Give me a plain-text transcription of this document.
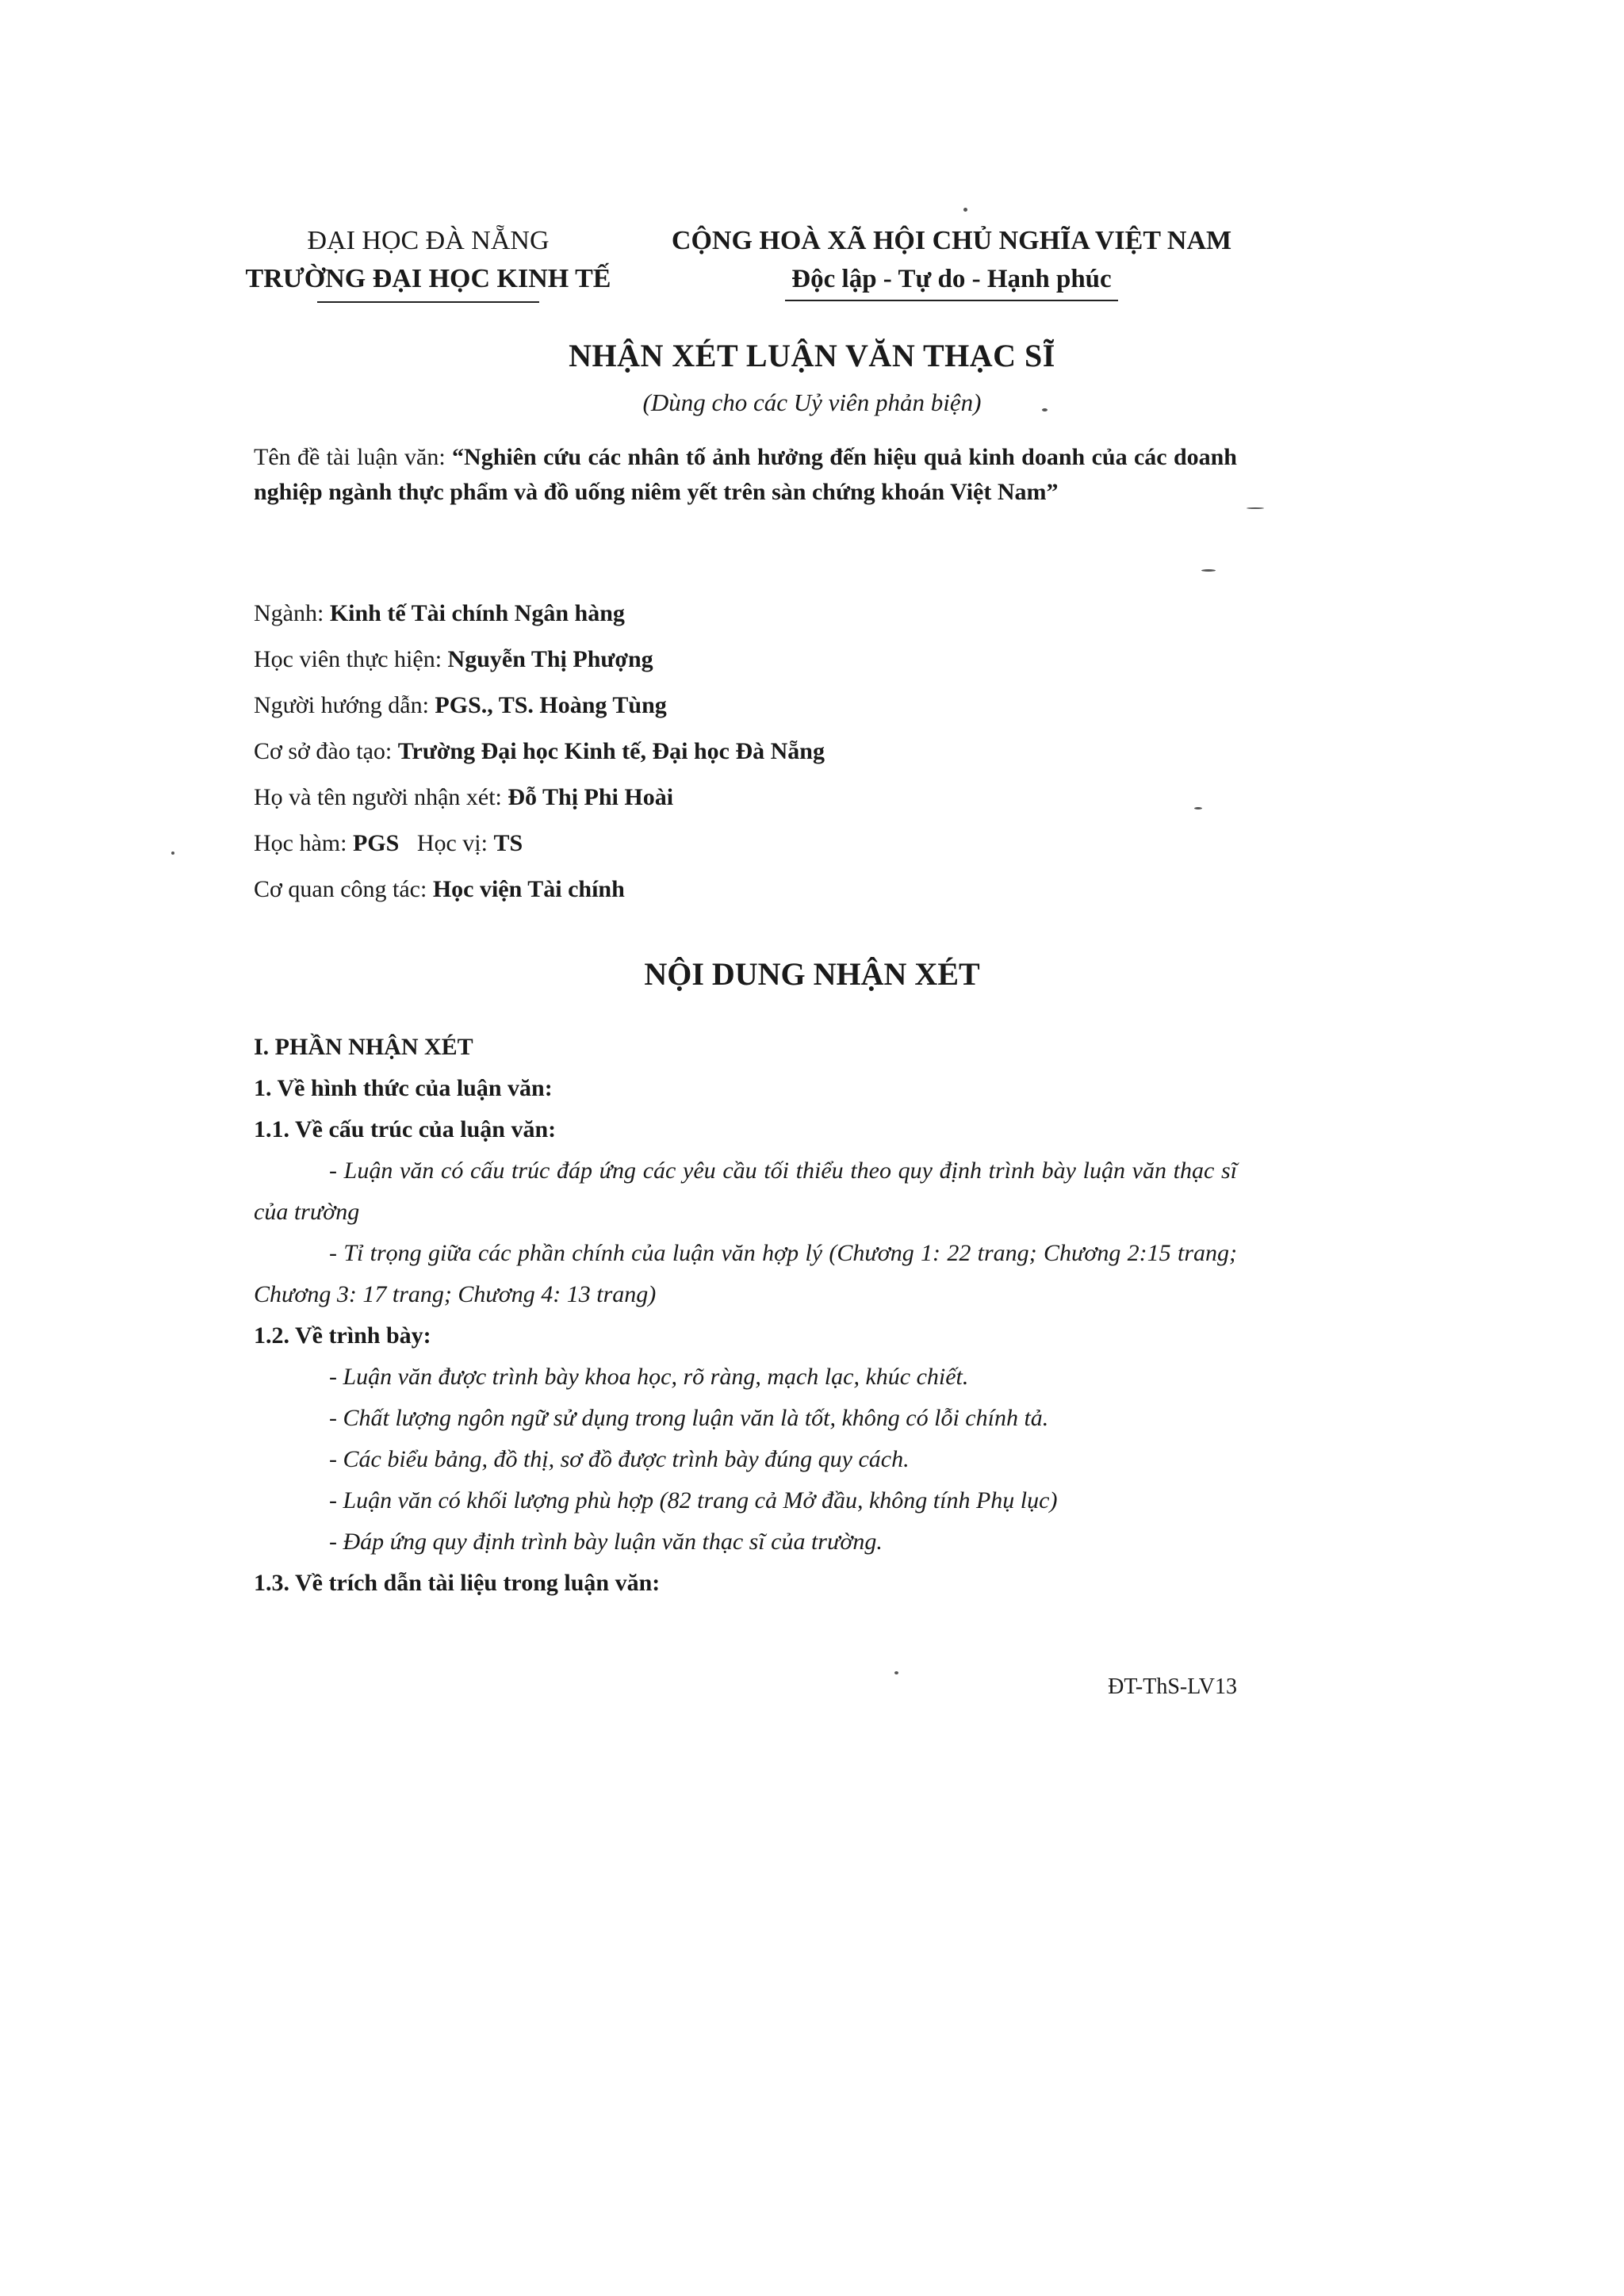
ĐẠI HỌC ĐÀ NẴNG
TRƯỜNG ĐẠI HỌC KINH TẾ
CỘNG HOÀ XÃ HỘI CHỦ NGHĨA VIỆT NAM
Độc lập - Tự do - Hạnh phúc
NHẬN XÉT LUẬN VĂN THẠC SĨ
(Dùng cho các Uỷ viên phản biện)
Tên đề tài luận văn: “Nghiên cứu các nhân tố ảnh hưởng đến hiệu quả kinh doanh của các doanh nghiệp ngành thực phẩm và đồ uống niêm yết trên sàn chứng khoán Việt Nam”
Ngành: Kinh tế Tài chính Ngân hàng
Học viên thực hiện: Nguyễn Thị Phượng
Người hướng dẫn: PGS., TS. Hoàng Tùng
Cơ sở đào tạo: Trường Đại học Kinh tế, Đại học Đà Nẵng
Họ và tên người nhận xét: Đỗ Thị Phi Hoài
Học hàm: PGS Học vị: TS
Cơ quan công tác: Học viện Tài chính
NỘI DUNG NHẬN XÉT
I. PHẦN NHẬN XÉT
1. Về hình thức của luận văn:
1.1. Về cấu trúc của luận văn:
- Luận văn có cấu trúc đáp ứng các yêu cầu tối thiểu theo quy định trình bày luận văn thạc sĩ của trường
- Tỉ trọng giữa các phần chính của luận văn hợp lý (Chương 1: 22 trang; Chương 2:15 trang; Chương 3: 17 trang; Chương 4: 13 trang)
1.2. Về trình bày:
- Luận văn được trình bày khoa học, rõ ràng, mạch lạc, khúc chiết.
- Chất lượng ngôn ngữ sử dụng trong luận văn là tốt, không có lỗi chính tả.
- Các biểu bảng, đồ thị, sơ đồ được trình bày đúng quy cách.
- Luận văn có khối lượng phù hợp (82 trang cả Mở đầu, không tính Phụ lục)
- Đáp ứng quy định trình bày luận văn thạc sĩ của trường.
1.3. Về trích dẫn tài liệu trong luận văn:
ĐT-ThS-LV13
